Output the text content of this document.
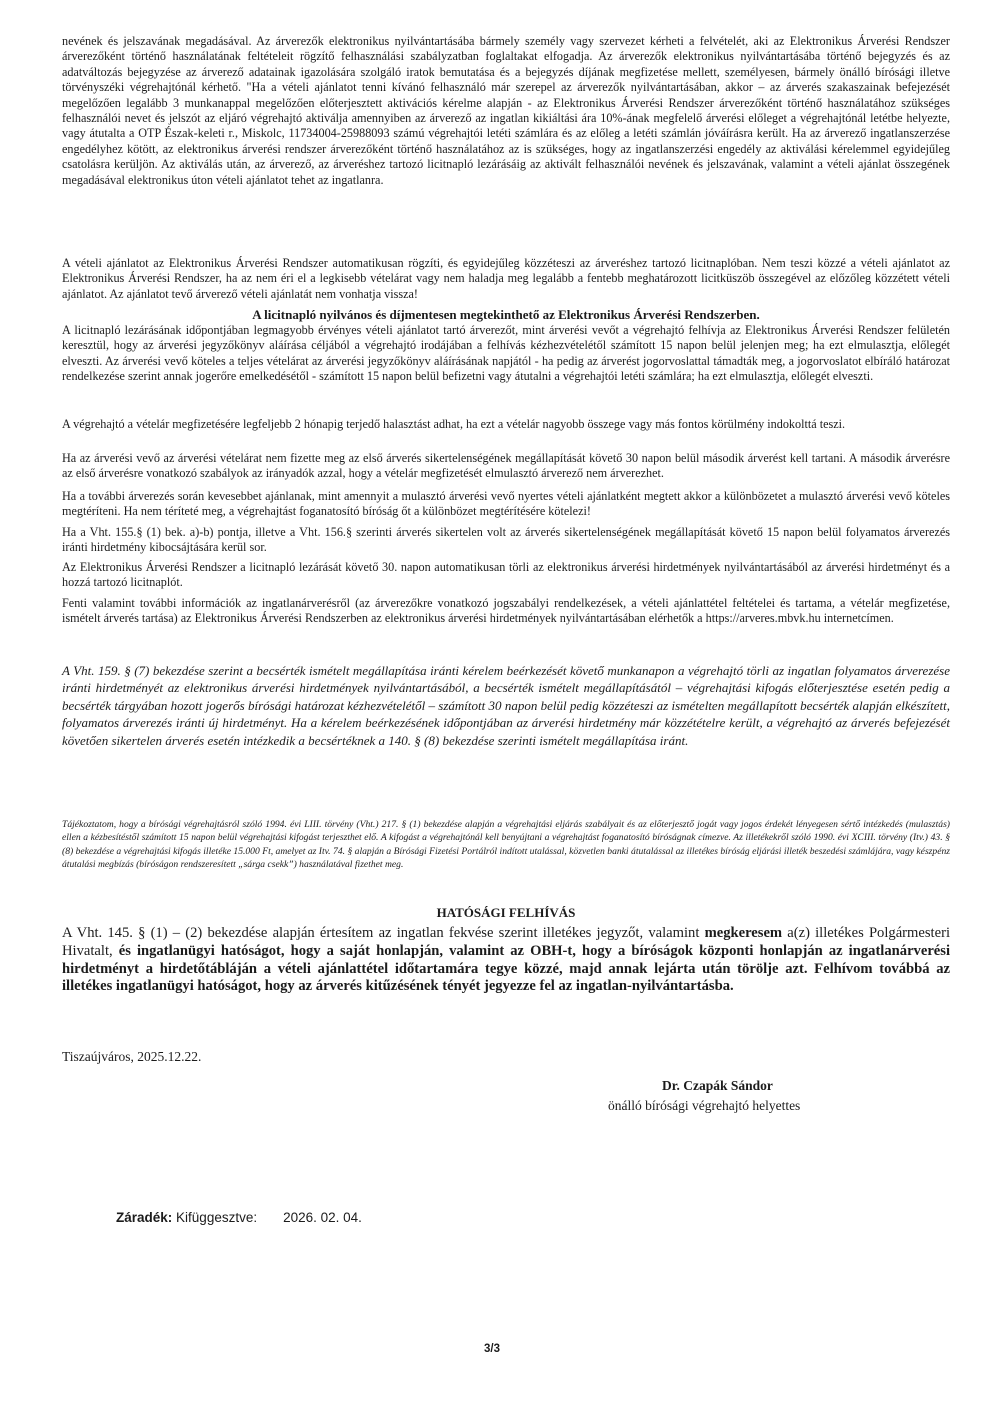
nevének és jelszavának megadásával. Az árverezők elektronikus nyilvántartásába bármely személy vagy szervezet kérheti a felvételét, aki az Elektronikus Árverési Rendszer árverezőként történő használatának feltételeit rögzítő felhasználási szabályzatban foglaltakat elfogadja. Az árverezők elektronikus nyilvántartásába történő bejegyzés és az adatváltozás bejegyzése az árverező adatainak igazolására szolgáló iratok bemutatása és a bejegyzés díjának megfizetése mellett, személyesen, bármely önálló bírósági illetve törvényszéki végrehajtónál kérhető. "Ha a vételi ajánlatot tenni kívánó felhasználó már szerepel az árverezők nyilvántartásában, akkor – az árverés szakaszainak befejezését megelőzően legalább 3 munkanappal megelőzően előterjesztett aktivációs kérelme alapján - az Elektronikus Árverési Rendszer árverezőként történő használatához szükséges felhasználói nevet és jelszót az eljáró végrehajtó aktiválja amennyiben az árverező az ingatlan kikiáltási ára 10%-ának megfelelő árverési előleget a végrehajtónál letétbe helyezte, vagy átutalta a OTP Észak-keleti r., Miskolc, 11734004-25988093 számú végrehajtói letéti számlára és az előleg a letéti számlán jóváírásra került. Ha az árverező ingatlanszerzése engedélyhez kötött, az elektronikus árverési rendszer árverezőként történő használatához az is szükséges, hogy az ingatlanszerzési engedély az aktiválási kérelemmel egyidejűleg csatolásra kerüljön. Az aktiválás után, az árverező, az árveréshez tartozó licitnapló lezárásáig az aktivált felhasználói nevének és jelszavának, valamint a vételi ajánlat összegének megadásával elektronikus úton vételi ajánlatot tehet az ingatlanra.

A vételi ajánlatot az Elektronikus Árverési Rendszer automatikusan rögzíti, és egyidejűleg közzéteszi az árveréshez tartozó licitnaplóban. Nem teszi közzé a vételi ajánlatot az Elektronikus Árverési Rendszer, ha az nem éri el a legkisebb vételárat vagy nem haladja meg legalább a fentebb meghatározott licitküszöb összegével az előzőleg közzétett vételi ajánlatot. Az ajánlatot tevő árverező vételi ajánlatát nem vonhatja vissza!

A licitnapló nyilvános és díjmentesen megtekinthető az Elektronikus Árverési Rendszerben.

A licitnapló lezárásának időpontjában legmagyobb érvényes vételi ajánlatot tartó árverezőt, mint árverési vevőt a végrehajtó felhívja az Elektronikus Árverési Rendszer felületén keresztül, hogy az árverési jegyzőkönyv aláírása céljából a végrehajtó irodájában a felhívás kézhezvételétől számított 15 napon belül jelenjen meg; ha ezt elmulasztja, előlegét elveszti. Az árverési vevő köteles a teljes vételárat az árverési jegyzőkönyv aláírásának napjától - ha pedig az árverést jogorvoslattal támadták meg, a jogorvoslatot elbíráló határozat rendelkezése szerint annak jogerőre emelkedésétől - számított 15 napon belül befizetni vagy átutalni a végrehajtói letéti számlára; ha ezt elmulasztja, előlegét elveszti.

A végrehajtó a vételár megfizetésére legfeljebb 2 hónapig terjedő halasztást adhat, ha ezt a vételár nagyobb összege vagy más fontos körülmény indokolttá teszi.

Ha az árverési vevő az árverési vételárat nem fizette meg az első árverés sikertelenségének megállapítását követő 30 napon belül második árverést kell tartani. A második árverésre az első árverésre vonatkozó szabályok az irányadók azzal, hogy a vételár megfizetését elmulasztó árverező nem árverezhet.

Ha a további árverezés során kevesebbet ajánlanak, mint amennyit a mulasztó árverési vevő nyertes vételi ajánlatként megtett akkor a különbözetet a mulasztó árverési vevő köteles megtéríteni. Ha nem téríteté meg, a végrehajtást foganatosító bíróság őt a különbözet megtérítésére kötelezi!

Ha a Vht. 155.§ (1) bek. a)-b) pontja, illetve a Vht. 156.§ szerinti árverés sikertelen volt az árverés sikertelenségének megállapítását követő 15 napon belül folyamatos árverezés iránti hirdetmény kibocsájtására kerül sor.

Az Elektronikus Árverési Rendszer a licitnapló lezárását követő 30. napon automatikusan törli az elektronikus árverési hirdetmények nyilvántartásából az árverési hirdetményt és a hozzá tartozó licitnaplót.

Fenti valamint további információk az ingatlanárverésről (az árverezőkre vonatkozó jogszabályi rendelkezések, a vételi ajánlattétel feltételei és tartama, a vételár megfizetése, ismételt árverés tartása) az Elektronikus Árverési Rendszerben az elektronikus árverési hirdetmények nyilvántartásában elérhetők a https://arveres.mbvk.hu internetcímen.

A Vht. 159. § (7) bekezdése szerint a becsérték ismételt megállapítása iránti kérelem beérkezését követő munkanapon a végrehajtó törli az ingatlan folyamatos árverezése iránti hirdetményét az elektronikus árverési hirdetmények nyilvántartásából, a becsérték ismételt megállapításától – végrehajtási kifogás előterjesztése esetén pedig a becsérték tárgyában hozott jogerős bírósági határozat kézhezvételétől – számított 30 napon belül pedig közzéteszi az ismételten megállapított becsérték alapján elkészített, folyamatos árverezés iránti új hirdetményt. Ha a kérelem beérkezésének időpontjában az árverési hirdetmény már közzétételre került, a végrehajtó az árverés befejezését követően sikertelen árverés esetén intézkedik a becsértéknek a 140. § (8) bekezdése szerinti ismételt megállapítása iránt.

Tájékoztatom, hogy a bírósági végrehajtásról szóló 1994. évi LIII. törvény (Vht.) 217. § (1) bekezdése alapján a végrehajtási eljárás szabályait és az előterjesztő jogát vagy jogos érdekét lényegesen sértő intézkedés (mulasztás) ellen a kézbesítéstől számított 15 napon belül végrehajtási kifogást terjeszthet elő. A kifogást a végrehajtónál kell benyújtani a végrehajtást foganatosító bíróságnak címezve. Az illetékekről szóló 1990. évi XCIII. törvény (Itv.) 43. § (8) bekezdése a végrehajtási kifogás illetéke 15.000 Ft, amelyet az Itv. 74. § alapján a Bírósági Fizetési Portálról indított utalással, közvetlen banki átutalással az illetékes bíróság eljárási illeték beszedési számlájára, vagy készpénz átutalási megbízás (bíróságon rendszeresített „sárga csekk”) használatával fizethet meg.

HATÓSÁGI FELHÍVÁS

A Vht. 145. § (1) – (2) bekezdése alapján értesítem az ingatlan fekvése szerint illetékes jegyzőt, valamint megkeresem a(z) illetékes Polgármesteri Hivatalt, és ingatlanügyi hatóságot, hogy a saját honlapján, valamint az OBH-t, hogy a bíróságok központi honlapján az ingatlanárverési hirdetményt a hirdetőtábláján a vételi ajánlattétel időtartamára tegye közzé, majd annak lejárta után törölje azt. Felhívom továbbá az illetékes ingatlanügyi hatóságot, hogy az árverés kitűzésének tényét jegyezze fel az ingatlan-nyilvántartásba.

Tiszaújváros, 2025.12.22.

Dr. Czapák Sándor

önálló bírósági végrehajtó helyettes

Záradék: Kifüggesztve: 2026. 02. 04.

3/3
